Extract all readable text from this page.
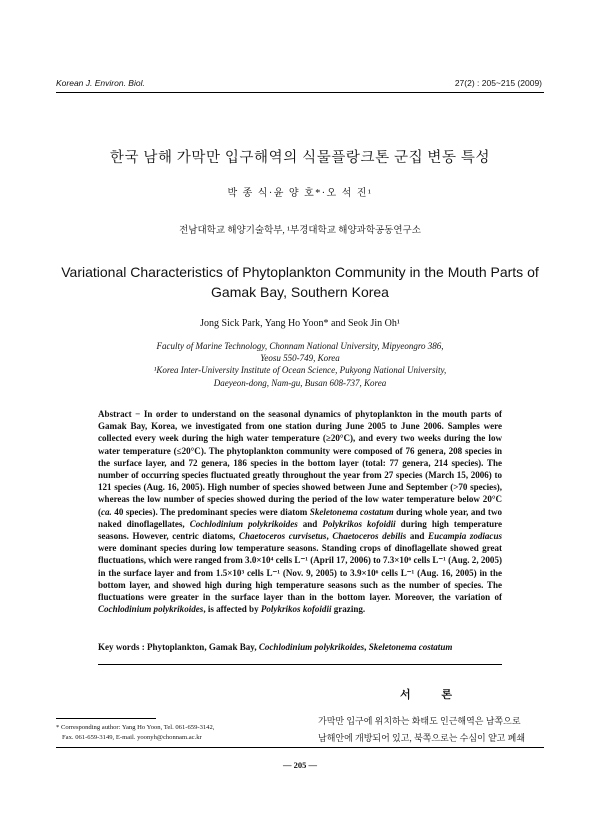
Korean J. Environ. Biol.	27(2) : 205~215 (2009)
한국 남해 가막만 입구해역의 식물플랑크톤 군집 변동 특성
박 종 식·윤 양 호*·오 석 진¹
전남대학교 해양기술학부, ¹부경대학교 해양과학공동연구소
Variational Characteristics of Phytoplankton Community in the Mouth Parts of Gamak Bay, Southern Korea
Jong Sick Park, Yang Ho Yoon* and Seok Jin Oh¹
Faculty of Marine Technology, Chonnam National University, Mipyeongro 386,
Yeosu 550-749, Korea
¹Korea Inter-University Institute of Ocean Science, Pukyong National University,
Daeyeon-dong, Nam-gu, Busan 608-737, Korea
Abstract − In order to understand on the seasonal dynamics of phytoplankton in the mouth parts of Gamak Bay, Korea, we investigated from one station during June 2005 to June 2006. Samples were collected every week during the high water temperature (≥20°C), and every two weeks during the low water temperature (≤20°C). The phytoplankton community were composed of 76 genera, 208 species in the surface layer, and 72 genera, 186 species in the bottom layer (total: 77 genera, 214 species). The number of occurring species fluctuated greatly throughout the year from 27 species (March 15, 2006) to 121 species (Aug. 16, 2005). High number of species showed between June and September (>70 species), whereas the low number of species showed during the period of the low water temperature below 20°C (ca. 40 species). The predominant species were diatom Skeletonema costatum during whole year, and two naked dinoflagellates, Cochlodinium polykrikoides and Polykrikos kofoidii during high temperature seasons. However, centric diatoms, Chaetoceros curvisetus, Chaetoceros debilis and Eucampia zodiacus were dominant species during low temperature seasons. Standing crops of dinoflagellate showed great fluctuations, which were ranged from 3.0×10⁴ cells L⁻¹ (April 17, 2006) to 7.3×10⁶ cells L⁻¹ (Aug. 2, 2005) in the surface layer and from 1.5×10³ cells L⁻¹ (Nov. 9, 2005) to 3.9×10⁶ cells L⁻¹ (Aug. 16, 2005) in the bottom layer, and showed high during high temperature seasons such as the number of species. The fluctuations were greater in the surface layer than in the bottom layer. Moreover, the variation of Cochlodinium polykrikoides, is affected by Polykrikos kofoidii grazing.
Key words : Phytoplankton, Gamak Bay, Cochlodinium polykrikoides, Skeletonema costatum
서 론
가막만 입구에 위치하는 화태도 인근해역은 남쪽으로
남해안에 개방되어 있고, 북쪽으로는 수심이 얕고 폐쇄
* Corresponding author: Yang Ho Yoon, Tel. 061-659-3142,
Fax. 061-659-3149, E-mail. yoonyh@chonnam.ac.kr
— 205 —
